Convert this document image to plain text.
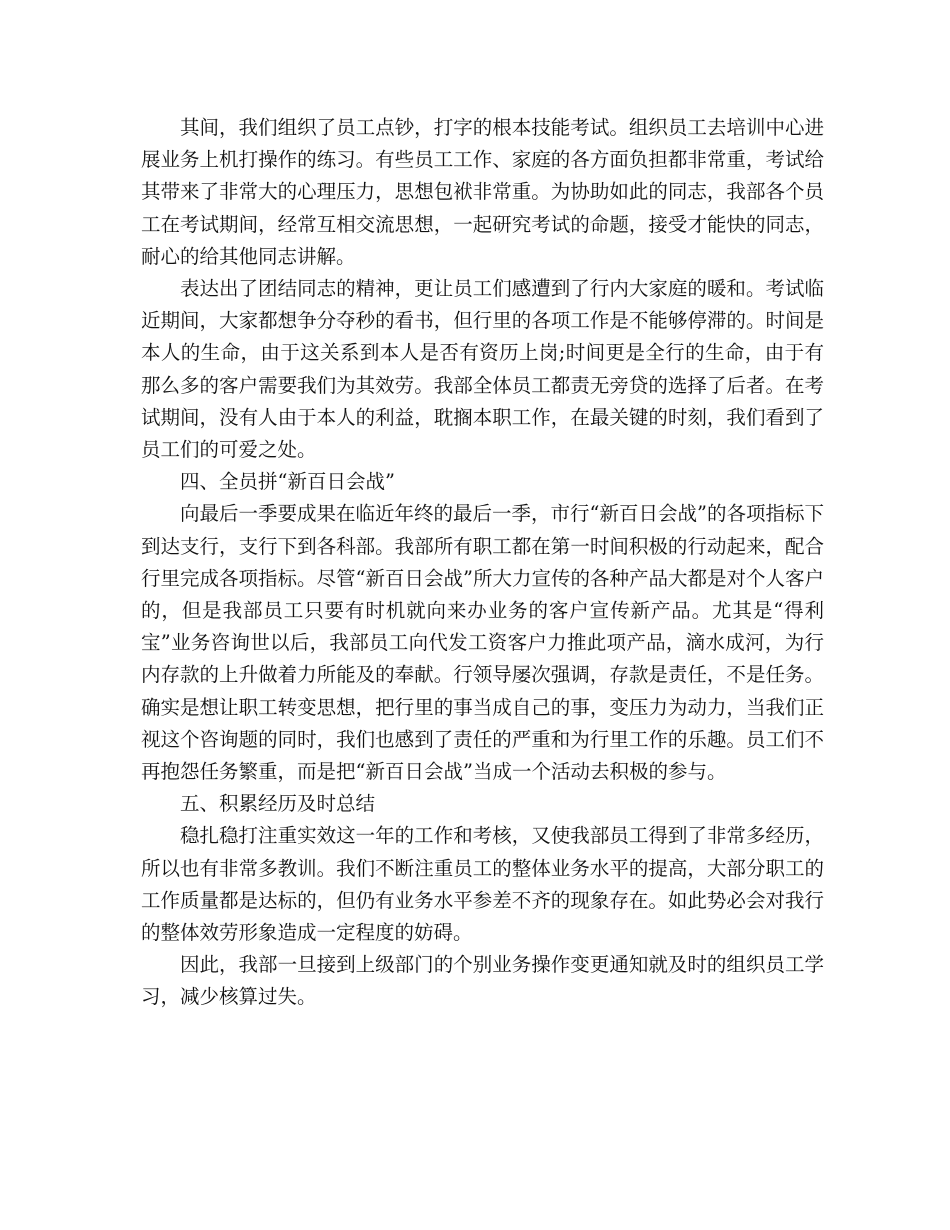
其间，我们组织了员工点钞，打字的根本技能考试。组织员工去培训中心进展业务上机打操作的练习。有些员工工作、家庭的各方面负担都非常重，考试给其带来了非常大的心理压力，思想包袱非常重。为协助如此的同志，我部各个员工在考试期间，经常互相交流思想，一起研究考试的命题，接受才能快的同志，耐心的给其他同志讲解。

表达出了团结同志的精神，更让员工们感遭到了行内大家庭的暖和。考试临近期间，大家都想争分夺秒的看书，但行里的各项工作是不能够停滞的。时间是本人的生命，由于这关系到本人是否有资历上岗;时间更是全行的生命，由于有那么多的客户需要我们为其效劳。我部全体员工都责无旁贷的选择了后者。在考试期间，没有人由于本人的利益，耽搁本职工作，在最关键的时刻，我们看到了员工们的可爱之处。

四、全员拼“新百日会战”

向最后一季要成果在临近年终的最后一季，市行“新百日会战”的各项指标下到达支行，支行下到各科部。我部所有职工都在第一时间积极的行动起来，配合行里完成各项指标。尽管“新百日会战”所大力宣传的各种产品大都是对个人客户的，但是我部员工只要有时机就向来办业务的客户宣传新产品。尤其是“得利宝”业务咨询世以后，我部员工向代发工资客户力推此项产品，滴水成河，为行内存款的上升做着力所能及的奉献。行领导屡次强调，存款是责任，不是任务。确实是想让职工转变思想，把行里的事当成自己的事，变压力为动力，当我们正视这个咨询题的同时，我们也感到了责任的严重和为行里工作的乐趣。员工们不再抱怨任务繁重，而是把“新百日会战”当成一个活动去积极的参与。

五、积累经历及时总结

稳扎稳打注重实效这一年的工作和考核，又使我部员工得到了非常多经历，所以也有非常多教训。我们不断注重员工的整体业务水平的提高，大部分职工的工作质量都是达标的，但仍有业务水平参差不齐的现象存在。如此势必会对我行的整体效劳形象造成一定程度的妨碍。

因此，我部一旦接到上级部门的个别业务操作变更通知就及时的组织员工学习，减少核算过失。
